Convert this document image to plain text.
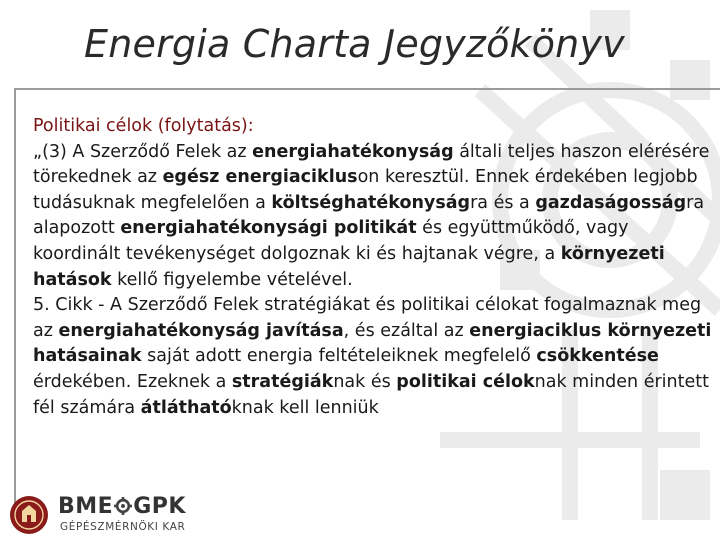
Energia Charta Jegyzőkönyv
Politikai célok (folytatás):

„(3) A Szerződő Felek az energiahatékonyság általi teljes haszon elérésére törekednek az egész energiacikluson keresztül. Ennek érdekében legjobb tudásuknak megfelelően a költséghatékonyságra és a gazdaságosságra alapozott energiahatékonysági politikát és együttműködő, vagy koordinált tevékenységet dolgoznak ki és hajtanak végre, a környezeti hatások kellő figyelembe vételével.

5. Cikk - A Szerződő Felek stratégiákat és politikai célokat fogalmaznak meg az energiahatékonyság javítása, és ezáltal az energiaciklus környezeti hatásainak saját adott energia feltételeiknek megfelelő csökkentése érdekében. Ezeknek a stratégiáknak és politikai céloknak minden érintett fél számára átláthatóknak kell lenniük

BME GPK
GÉPÉSZMÉRNÖKI KAR
